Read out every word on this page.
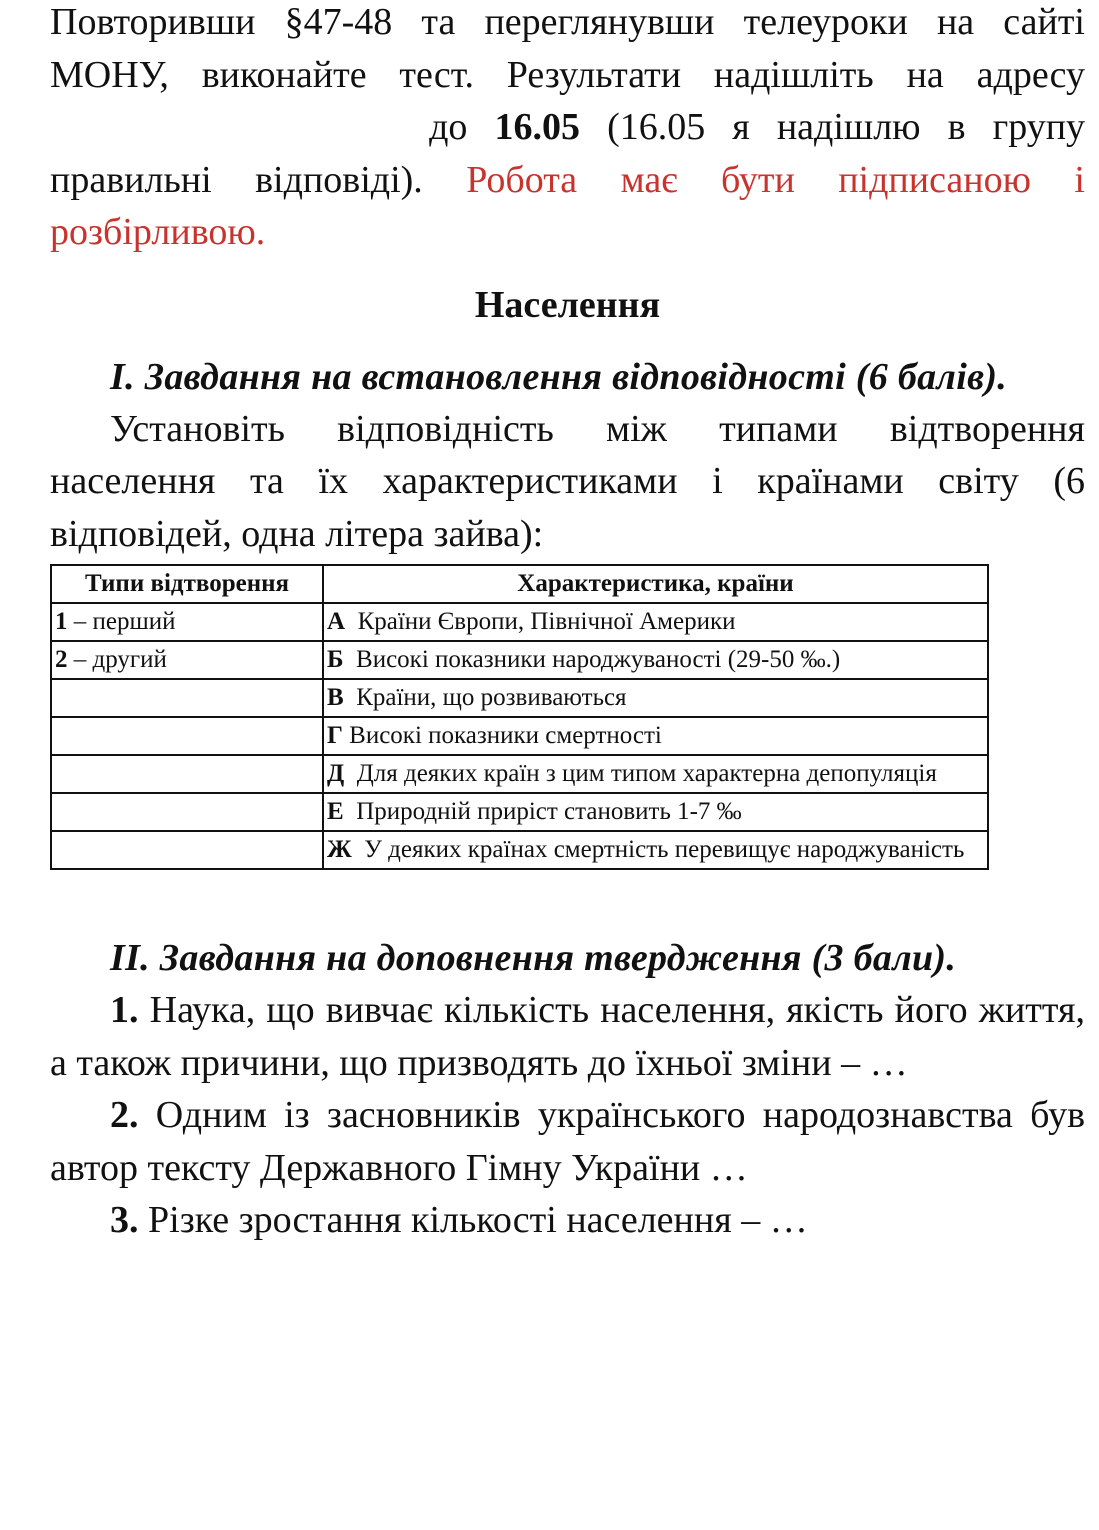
Повторивши §47-48 та переглянувши телеуроки на сайті МОНУ, виконайте тест. Результати надішліть на адресу  до 16.05 (16.05 я надішлю в групу правильні відповіді). Робота має бути підписаною і розбірливою.

Населення

І. Завдання на встановлення відповідності (6 балів).

Установіть відповідність між типами відтворення населення та їх характеристиками і країнами світу (6 відповідей, одна літера зайва):

Типи відтворення	Характеристика, країни
1 – перший	А Країни Європи, Північної Америки
2 – другий	Б Високі показники народжуваності (29-50 ‰.)
	В Країни, що розвиваються
	Г Високі показники смертності
	Д Для деяких країн з цим типом характерна депопуляція
	Е Природній приріст становить 1-7 ‰
	Ж У деяких країнах смертність перевищує народжуваність

ІІ. Завдання на доповнення твердження (3 бали).

1. Наука, що вивчає кількість населення, якість його життя, а також причини, що призводять до їхньої зміни – …

2. Одним із засновників українського народознавства був автор тексту Державного Гімну України …

3. Різке зростання кількості населення – …
